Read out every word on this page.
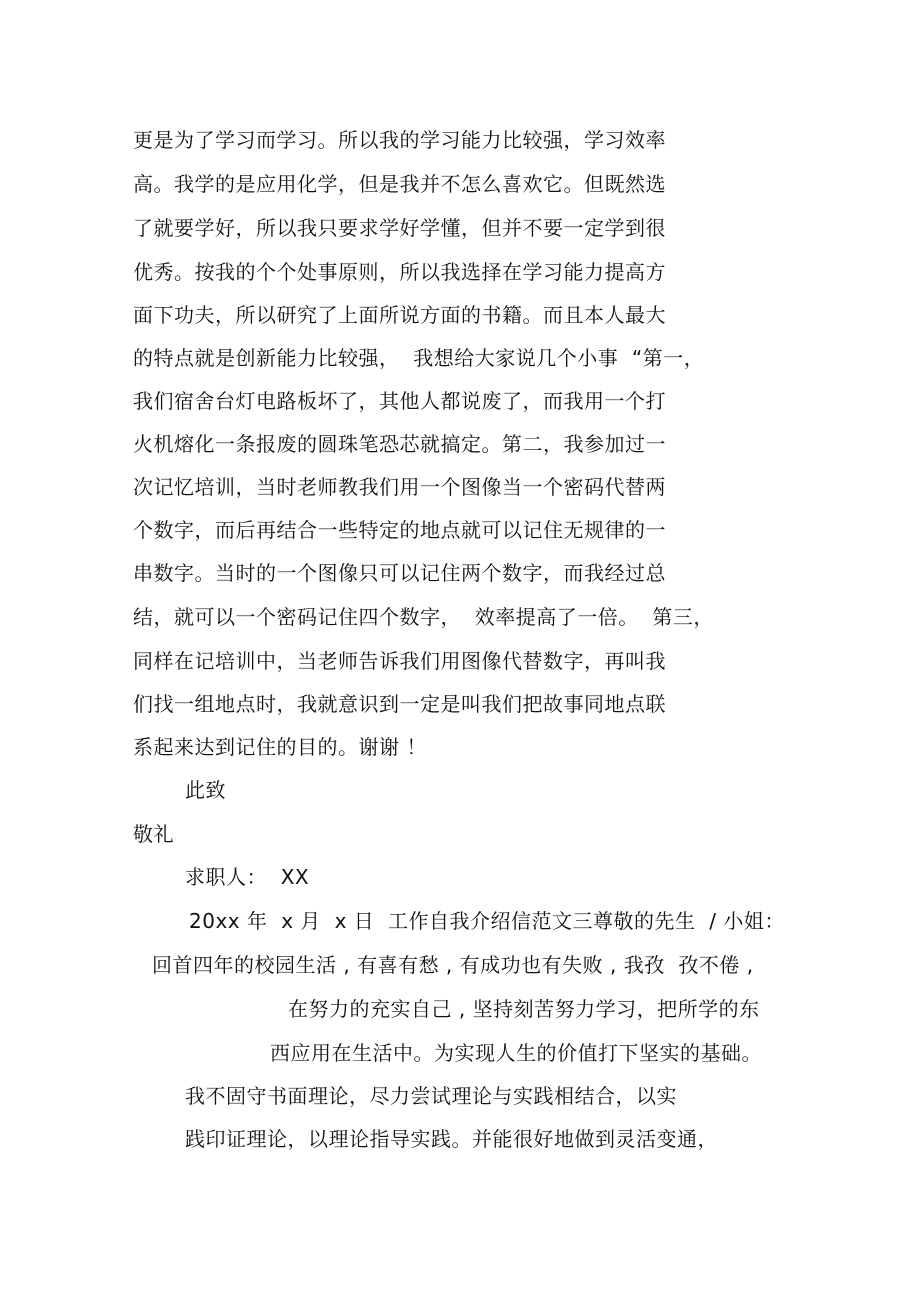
更是为了学习而学习。所以我的学习能力比较强，学习效率
高。我学的是应用化学，但是我并不怎么喜欢它。但既然选
了就要学好，所以我只要求学好学懂，但并不要一定学到很
优秀。按我的个个处事原则，所以我选择在学习能力提高方
面下功夫，所以研究了上面所说方面的书籍。而且本人最大
的特点就是创新能力比较强，  我想给大家说几个小事  “第一，
我们宿舍台灯电路板坏了，其他人都说废了，而我用一个打
火机熔化一条报废的圆珠笔恐芯就搞定。第二，我参加过一
次记忆培训，当时老师教我们用一个图像当一个密码代替两
个数字，而后再结合一些特定的地点就可以记住无规律的一
串数字。当时的一个图像只可以记住两个数字，而我经过总
结，就可以一个密码记住四个数字，  效率提高了一倍。  第三，
同样在记培训中，当老师告诉我们用图像代替数字，再叫我
们找一组地点时，我就意识到一定是叫我们把故事同地点联
系起来达到记住的目的。谢谢 ！
此致
敬礼
求职人：  XX
20xx 年  x 月  x 日  工作自我介绍信范文三尊敬的先生  / 小姐：
回首四年的校园生活 , 有喜有愁 , 有成功也有失败 , 我孜  孜不倦 ,
在努力的充实自己 , 坚持刻苦努力学习，把所学的东
西应用在生活中。为实现人生的价值打下坚实的基础。
我不固守书面理论，尽力尝试理论与实践相结合，以实
践印证理论，以理论指导实践。并能很好地做到灵活变通，
